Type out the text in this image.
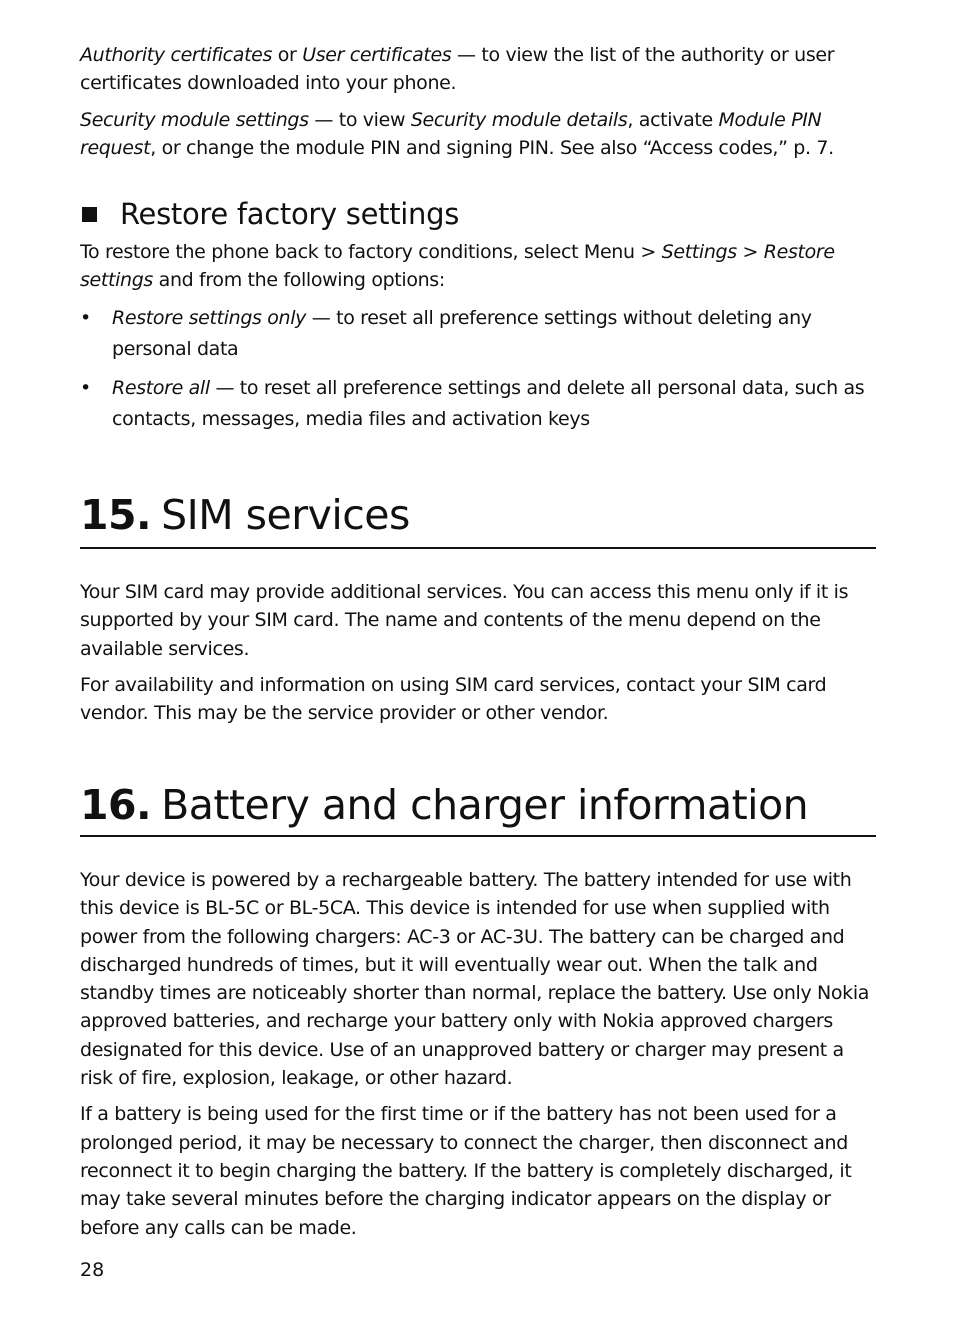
Authority certificates or User certificates — to view the list of the authority or user certificates downloaded into your phone.

Security module settings — to view Security module details, activate Module PIN request, or change the module PIN and signing PIN. See also “Access codes,” p. 7.

Restore factory settings

To restore the phone back to factory conditions, select Menu > Settings > Restore settings and from the following options:

• Restore settings only — to reset all preference settings without deleting any personal data
• Restore all — to reset all preference settings and delete all personal data, such as contacts, messages, media files and activation keys
15. SIM services

Your SIM card may provide additional services. You can access this menu only if it is supported by your SIM card. The name and contents of the menu depend on the available services.

For availability and information on using SIM card services, contact your SIM card vendor. This may be the service provider or other vendor.

16. Battery and charger information

Your device is powered by a rechargeable battery. The battery intended for use with this device is BL-5C or BL-5CA. This device is intended for use when supplied with power from the following chargers: AC-3 or AC-3U. The battery can be charged and discharged hundreds of times, but it will eventually wear out. When the talk and standby times are noticeably shorter than normal, replace the battery. Use only Nokia approved batteries, and recharge your battery only with Nokia approved chargers designated for this device. Use of an unapproved battery or charger may present a risk of fire, explosion, leakage, or other hazard.

If a battery is being used for the first time or if the battery has not been used for a prolonged period, it may be necessary to connect the charger, then disconnect and reconnect it to begin charging the battery. If the battery is completely discharged, it may take several minutes before the charging indicator appears on the display or before any calls can be made.

28
